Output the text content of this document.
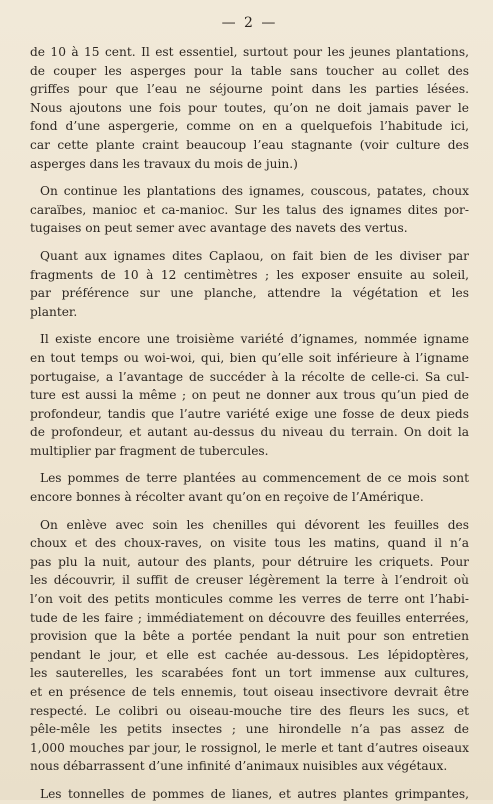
— 2 —
de 10 à 15 cent. Il est essentiel, surtout pour les jeunes plantations,
de couper les asperges pour la table sans toucher au collet des
griffes pour que l’eau ne séjourne point dans les parties lésées.
Nous ajoutons une fois pour toutes, qu’on ne doit jamais paver le
fond d’une aspergerie, comme on en a quelquefois l’habitude ici,
car cette plante craint beaucoup l’eau stagnante (voir culture des
asperges dans les travaux du mois de juin.)
On continue les plantations des ignames, couscous, patates, choux
caraïbes, manioc et ca-manioc. Sur les talus des ignames dites por-
tugaises on peut semer avec avantage des navets des vertus.
Quant aux ignames dites Caplaou, on fait bien de les diviser par
fragments de 10 à 12 centimètres ; les exposer ensuite au soleil,
par préférence sur une planche, attendre la végétation et les
planter.
Il existe encore une troisième variété d’ignames, nommée igname
en tout temps ou woi-woi, qui, bien qu’elle soit inférieure à l’igname
portugaise, a l’avantage de succéder à la récolte de celle-ci. Sa cul-
ture est aussi la même ; on peut ne donner aux trous qu’un pied de
profondeur, tandis que l’autre variété exige une fosse de deux pieds
de profondeur, et autant au-dessus du niveau du terrain. On doit la
multiplier par fragment de tubercules.
Les pommes de terre plantées au commencement de ce mois sont
encore bonnes à récolter avant qu’on en reçoive de l’Amérique.
On enlève avec soin les chenilles qui dévorent les feuilles des
choux et des choux-raves, on visite tous les matins, quand il n’a
pas plu la nuit, autour des plants, pour détruire les criquets. Pour
les découvrir, il suffit de creuser légèrement la terre à l’endroit où
l’on voit des petits monticules comme les verres de terre ont l’habi-
tude de les faire ; immédiatement on découvre des feuilles enterrées,
provision que la bête a portée pendant la nuit pour son entretien
pendant le jour, et elle est cachée au-dessous. Les lépidoptères,
les sauterelles, les scarabées font un tort immense aux cultures,
et en présence de tels ennemis, tout oiseau insectivore devrait être
respecté. Le colibri ou oiseau-mouche tire des fleurs les sucs, et
pêle-mêle les petits insectes ; une hirondelle n’a pas assez de
1,000 mouches par jour, le rossignol, le merle et tant d’autres oiseaux
nous débarrassent d’une infinité d’animaux nuisibles aux végétaux.
Les tonnelles de pommes de lianes, et autres plantes grimpantes,
